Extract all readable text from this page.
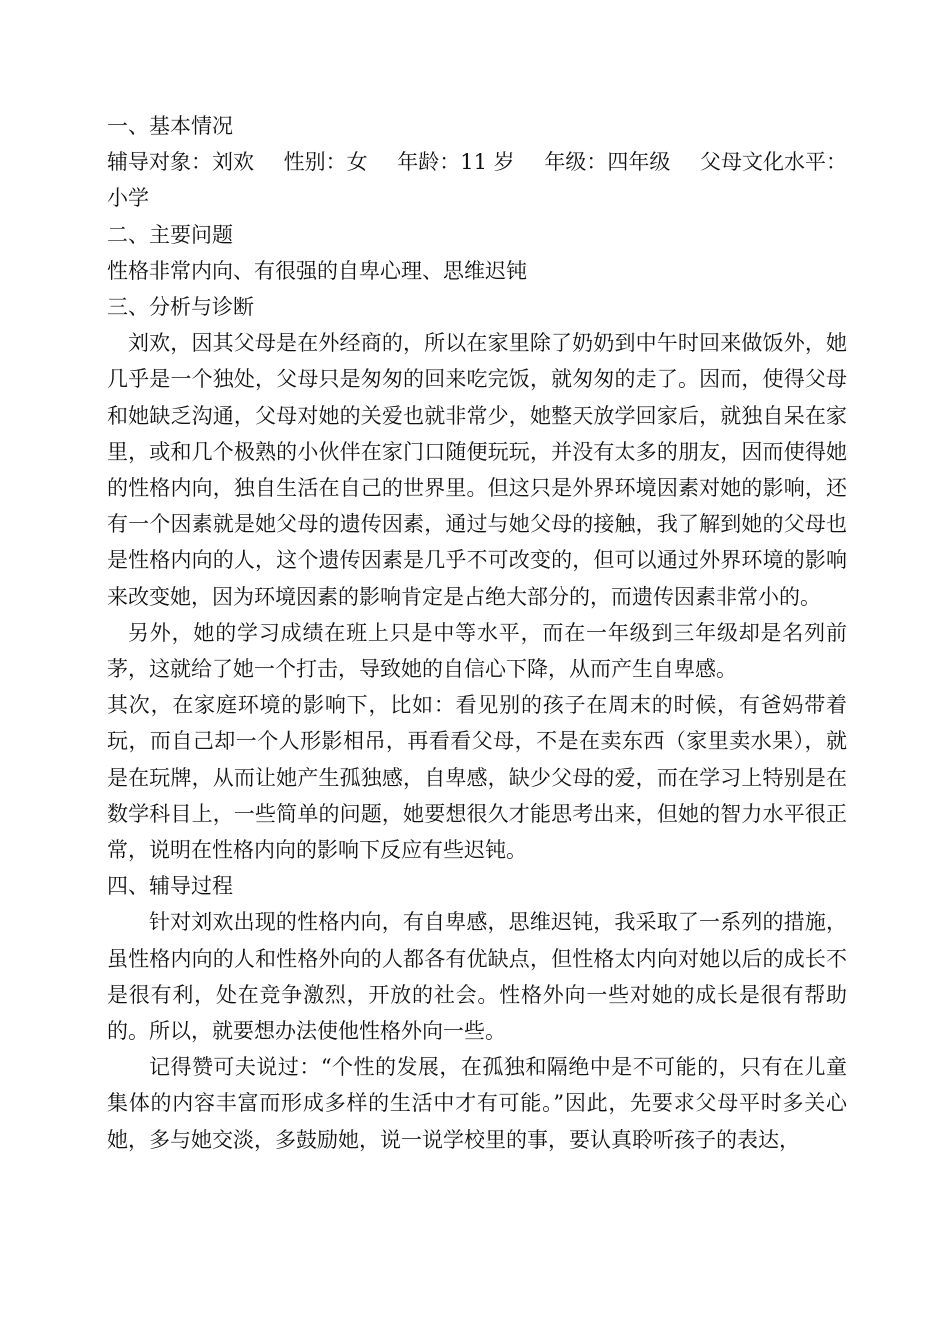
一、基本情况

辅导对象：刘欢 性别：女 年龄：11 岁 年级：四年级 父母文化水平：

小学

二、主要问题

性格非常内向、有很强的自卑心理、思维迟钝

三、分析与诊断

刘欢，因其父母是在外经商的，所以在家里除了奶奶到中午时回来做饭外，她几乎是一个独处，父母只是匆匆的回来吃完饭，就匆匆的走了。因而，使得父母和她缺乏沟通，父母对她的关爱也就非常少，她整天放学回家后，就独自呆在家里，或和几个极熟的小伙伴在家门口随便玩玩，并没有太多的朋友，因而使得她的性格内向，独自生活在自己的世界里。但这只是外界环境因素对她的影响，还有一个因素就是她父母的遗传因素，通过与她父母的接触，我了解到她的父母也是性格内向的人，这个遗传因素是几乎不可改变的，但可以通过外界环境的影响来改变她，因为环境因素的影响肯定是占绝大部分的，而遗传因素非常小的。

另外，她的学习成绩在班上只是中等水平，而在一年级到三年级却是名列前茅，这就给了她一个打击，导致她的自信心下降，从而产生自卑感。

其次，在家庭环境的影响下，比如：看见别的孩子在周末的时候，有爸妈带着玩，而自己却一个人形影相吊，再看看父母，不是在卖东西（家里卖水果），就是在玩牌，从而让她产生孤独感，自卑感，缺少父母的爱，而在学习上特别是在数学科目上，一些简单的问题，她要想很久才能思考出来，但她的智力水平很正常，说明在性格内向的影响下反应有些迟钝。

四、辅导过程

针对刘欢出现的性格内向，有自卑感，思维迟钝，我采取了一系列的措施，虽性格内向的人和性格外向的人都各有优缺点，但性格太内向对她以后的成长不是很有利，处在竞争激烈，开放的社会。性格外向一些对她的成长是很有帮助的。所以，就要想办法使他性格外向一些。

记得赞可夫说过：“个性的发展，在孤独和隔绝中是不可能的，只有在儿童集体的内容丰富而形成多样的生活中才有可能。”因此，先要求父母平时多关心她，多与她交淡，多鼓励她，说一说学校里的事，要认真聆听孩子的表达，
